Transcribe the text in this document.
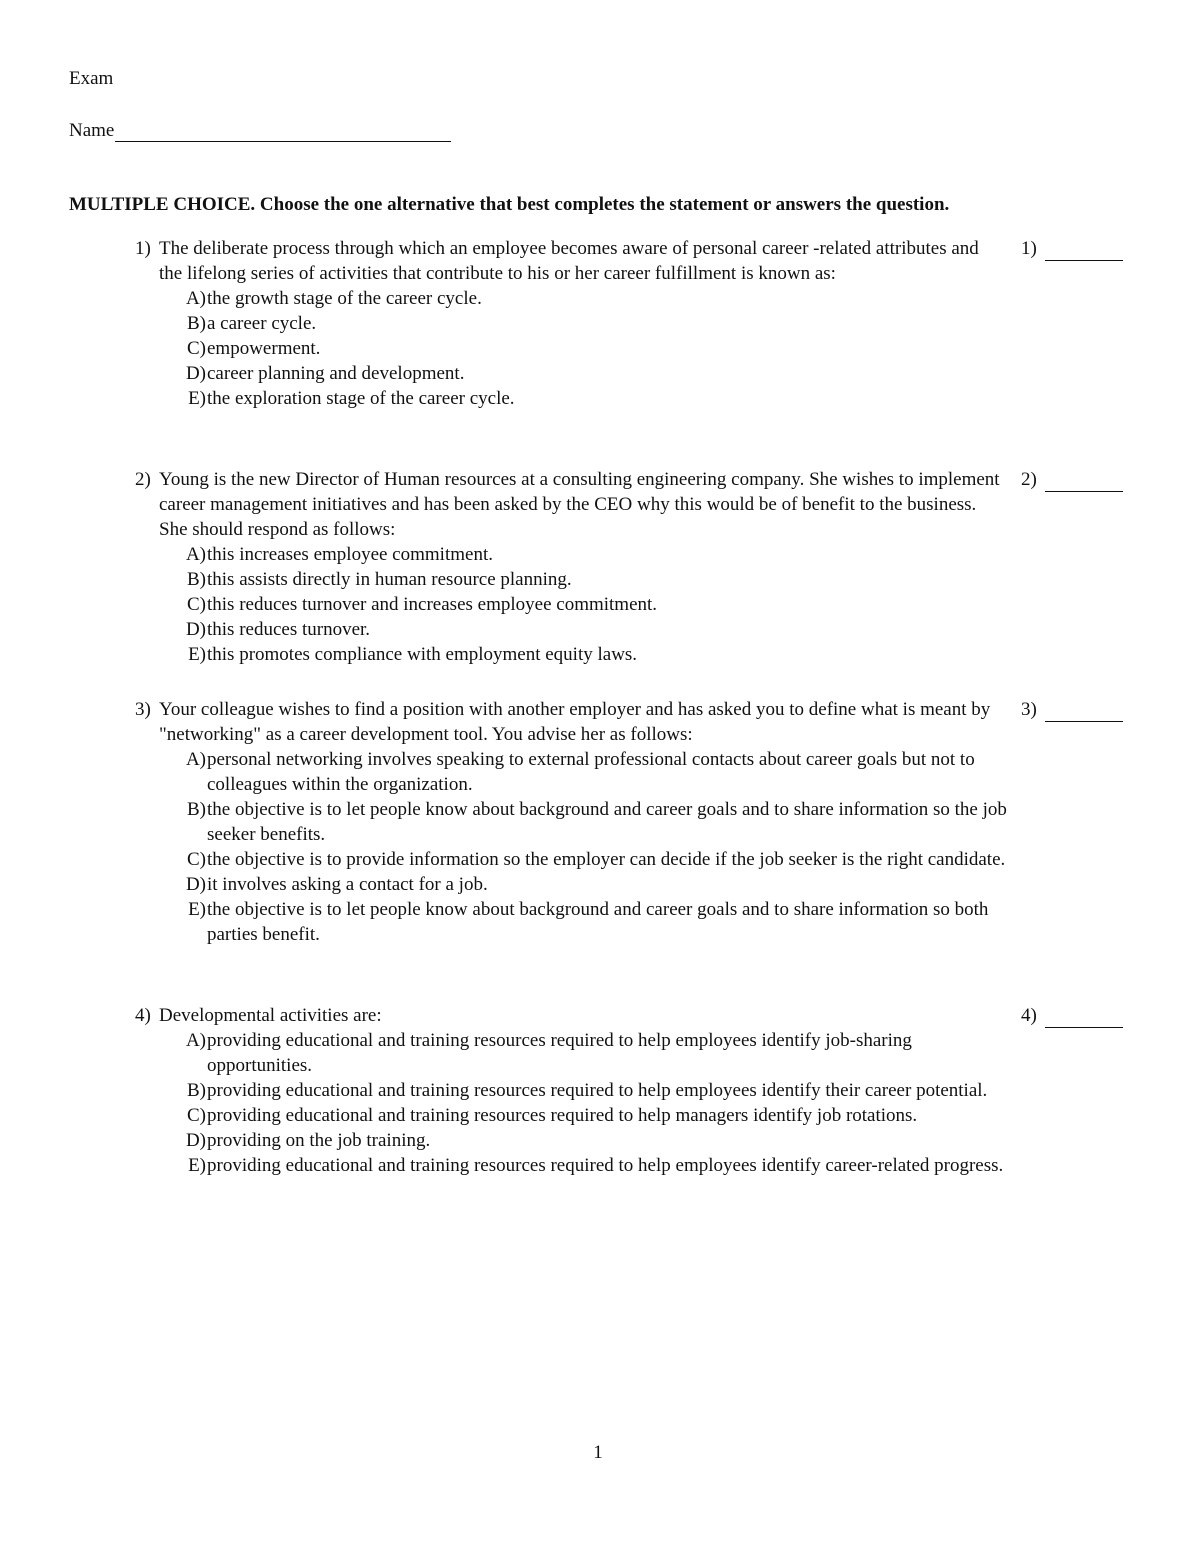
Exam
Name
MULTIPLE CHOICE. Choose the one alternative that best completes the statement or answers the question.
1) The deliberate process through which an employee becomes aware of personal career -related attributes and the lifelong series of activities that contribute to his or her career fulfillment is known as:
A) the growth stage of the career cycle.
B) a career cycle.
C) empowerment.
D) career planning and development.
E) the exploration stage of the career cycle.
1)
2) Young is the new Director of Human resources at a consulting engineering company. She wishes to implement career management initiatives and has been asked by the CEO why this would be of benefit to the business. She should respond as follows:
A) this increases employee commitment.
B) this assists directly in human resource planning.
C) this reduces turnover and increases employee commitment.
D) this reduces turnover.
E) this promotes compliance with employment equity laws.
2)
3) Your colleague wishes to find a position with another employer and has asked you to define what is meant by "networking" as a career development tool. You advise her as follows:
A) personal networking involves speaking to external professional contacts about career goals but not to colleagues within the organization.
B) the objective is to let people know about background and career goals and to share information so the job seeker benefits.
C) the objective is to provide information so the employer can decide if the job seeker is the right candidate.
D) it involves asking a contact for a job.
E) the objective is to let people know about background and career goals and to share information so both parties benefit.
3)
4) Developmental activities are:
A) providing educational and training resources required to help employees identify job-sharing opportunities.
B) providing educational and training resources required to help employees identify their career potential.
C) providing educational and training resources required to help managers identify job rotations.
D) providing on the job training.
E) providing educational and training resources required to help employees identify career-related progress.
4)
1
